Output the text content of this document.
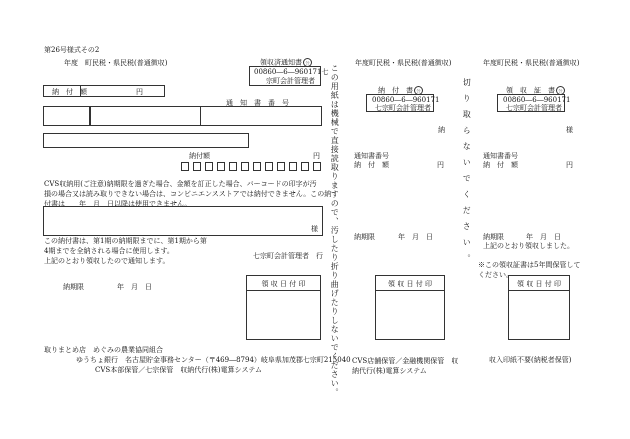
第26号様式その2
年度　町民税・県民税(普通徴収)	領収済通知書 公
00860―6―960171七
宗町会計管理者
納　付　額	円
通　知　書　番　号
納付額	円
CVS収納用(ご注意)納期限を過ぎた場合、金額を訂正した場合、バーコードの印字が汚
損の場合又は読み取りできない場合は、コンビニエンスストアでは納付できません。この納
付書は　　年　月　日以降は使用できません。
様
この納付書は、第1期の納期限までに、第1期から第
4期までを全納される場合に使用します。
上記のとおり領収したので通知します。
七宗町会計管理者　行
納期限	年　月　日	領 収 日 付 印
取りまとめ店　めぐみの農業協同組合
ゆうちょ銀行　名古屋貯金事務センター（〒469―8794）岐阜県加茂郡七宗町215040
CVS本部保管／七宗保管　収納代行(株)電算システム	この用紙は機械で直接読取りますので、汚したり折り曲げたりしないでください。
年度町民税・県民税(普通徴収)
納　付　書 公
00860―6―960171
七宗町会計管理者
納
通知書番号
納　付　額	円
納期限	年　月　日
領 収 日 付 印
CVS店舗保管／金融機関保管　収
納代行(株)電算システム
切り取らないでください。
年度町民税・県民税(普通徴収)
領　収　証　書 公
00860―6―960171
七宗町会計管理者
様
通知書番号
納　付　額	円
納期限	年　月　日
上記のとおり領収しました。
※この領収証書は5年間保管して
ください。
領 収 日 付 印
収入印紙不要(納税者保管)
